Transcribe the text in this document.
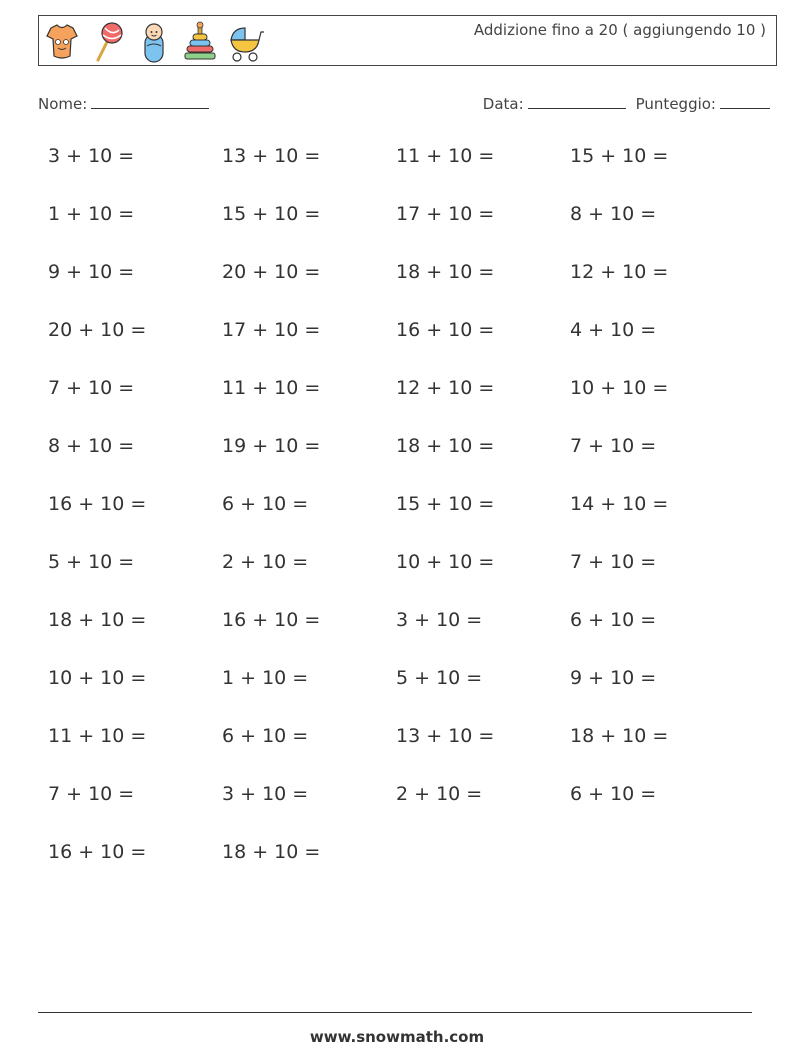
Addizione fino a 20 ( aggiungendo 10 )
Nome:	Data:	Punteggio:
3 + 10 =	13 + 10 =	11 + 10 =	15 + 10 =
1 + 10 =	15 + 10 =	17 + 10 =	8 + 10 =
9 + 10 =	20 + 10 =	18 + 10 =	12 + 10 =
20 + 10 =	17 + 10 =	16 + 10 =	4 + 10 =
7 + 10 =	11 + 10 =	12 + 10 =	10 + 10 =
8 + 10 =	19 + 10 =	18 + 10 =	7 + 10 =
16 + 10 =	6 + 10 =	15 + 10 =	14 + 10 =
5 + 10 =	2 + 10 =	10 + 10 =	7 + 10 =
18 + 10 =	16 + 10 =	3 + 10 =	6 + 10 =
10 + 10 =	1 + 10 =	5 + 10 =	9 + 10 =
11 + 10 =	6 + 10 =	13 + 10 =	18 + 10 =
7 + 10 =	3 + 10 =	2 + 10 =	6 + 10 =
16 + 10 =	18 + 10 =
www.snowmath.com
